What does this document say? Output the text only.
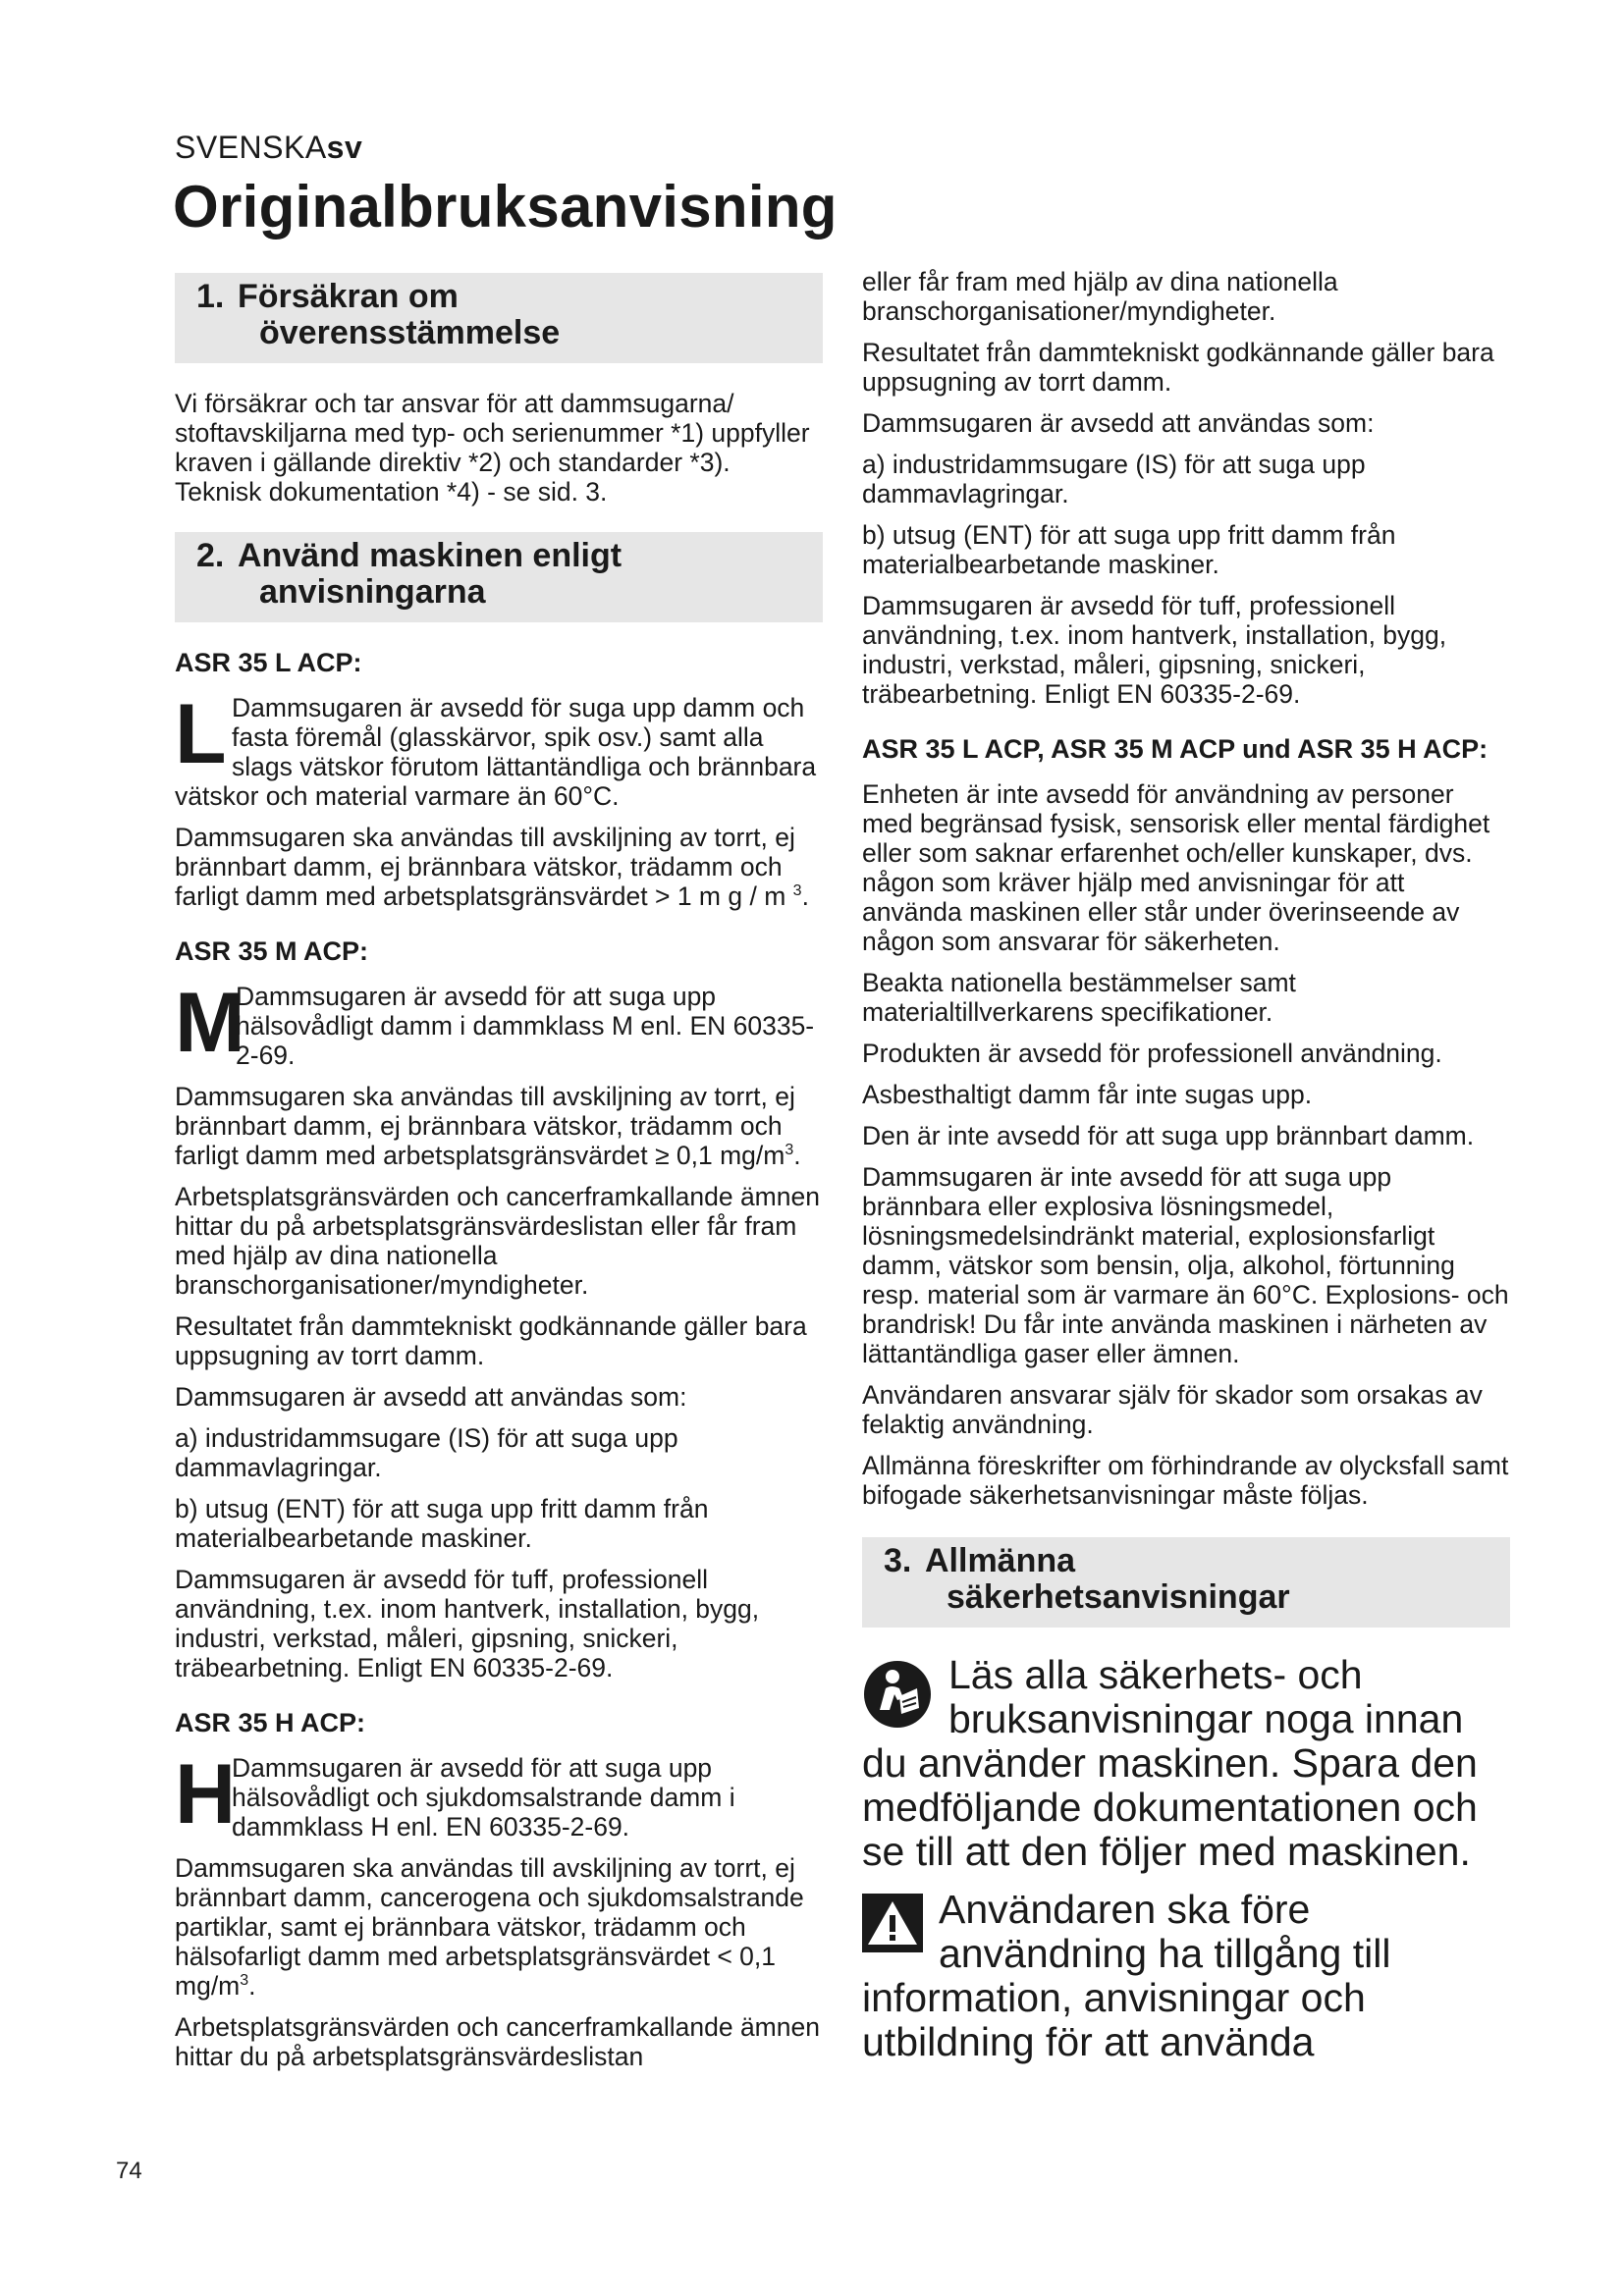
SVENSKAsv
Originalbruksanvisning
1. Försäkran om
överensstämmelse

Vi försäkrar och tar ansvar för att dammsugarna/ stoftavskiljarna med typ- och serienummer *1) uppfyller kraven i gällande direktiv *2) och standarder *3). Teknisk dokumentation *4) - se sid. 3.

2. Använd maskinen enligt
anvisningarna
ASR 35 L ACP:
L Dammsugaren är avsedd för suga upp damm och fasta föremål (glasskärvor, spik osv.) samt alla slags vätskor förutom lättantändliga och brännbara vätskor och material varmare än 60°C.

Dammsugaren ska användas till avskiljning av torrt, ej brännbart damm, ej brännbara vätskor, trädamm och farligt damm med arbetsplatsgränsvärdet > 1 m g / m $^3$.

ASR 35 M ACP:
M

Dammsugaren är avsedd för att suga upp hälsovådligt damm i dammklass M enl. EN 60335-2-69.

Dammsugaren ska användas till avskiljning av torrt, ej brännbart damm, ej brännbara vätskor, trädamm och farligt damm med arbetsplatsgränsvärdet ≥ 0,1 $mg/m^3$.

Arbetsplatsgränsvärden och cancerframkallande ämnen hittar du på arbetsplatsgränsvärdeslistan eller får fram med hjälp av dina nationella branschorganisationer/myndigheter.

Resultatet från dammtekniskt godkännande gäller bara uppsugning av torrt damm.

Dammsugaren är avsedd att användas som:

a) industridammsugare (IS) för att suga upp dammavlagringar.

b) utsug (ENT) för att suga upp fritt damm från materialbearbetande maskiner.

Dammsugaren är avsedd för tuff, professionell användning, t.ex. inom hantverk, installation, bygg, industri, verkstad, måleri, gipsning, snickeri, träbearbetning. Enligt EN 60335-2-69.

ASR 35 H ACP:
H

Dammsugaren är avsedd för att suga upp hälsovådligt och sjukdomsalstrande damm i dammklass H enl. EN 60335-2-69.

Dammsugaren ska användas till avskiljning av torrt, ej brännbart damm, cancerogena och sjukdomsalstrande partiklar, samt ej brännbara vätskor, trädamm och hälsofarligt damm med arbetsplatsgränsvärdet < 0,1 $mg/m^3$.

Arbetsplatsgränsvärden och cancerframkallande ämnen hittar du på arbetsplatsgränsvärdeslistan

eller får fram med hjälp av dina nationella branschorganisationer/myndigheter.

Resultatet från dammtekniskt godkännande gäller bara uppsugning av torrt damm.

Dammsugaren är avsedd att användas som:

a) industridammsugare (IS) för att suga upp dammavlagringar.

b) utsug (ENT) för att suga upp fritt damm från materialbearbetande maskiner.

Dammsugaren är avsedd för tuff, professionell användning, t.ex. inom hantverk, installation, bygg, industri, verkstad, måleri, gipsning, snickeri, träbearbetning. Enligt EN 60335-2-69.

ASR 35 L ACP, ASR 35 M ACP und ASR 35 H ACP:

Enheten är inte avsedd för användning av personer med begränsad fysisk, sensorisk eller mental färdighet eller som saknar erfarenhet och/eller kunskaper, dvs. någon som kräver hjälp med anvisningar för att använda maskinen eller står under överinseende av någon som ansvarar för säkerheten.

Beakta nationella bestämmelser samt materialtillverkarens specifikationer.

Produkten är avsedd för professionell användning.

Asbesthaltigt damm får inte sugas upp.

Den är inte avsedd för att suga upp brännbart damm.

Dammsugaren är inte avsedd för att suga upp brännbara eller explosiva lösningsmedel, lösningsmedelsindränkt material, explosionsfarligt damm, vätskor som bensin, olja, alkohol, förtunning resp. material som är varmare än 60°C. Explosions- och brandrisk! Du får inte använda maskinen i närheten av lättantändliga gaser eller ämnen.

Användaren ansvarar själv för skador som orsakas av felaktig användning.

Allmänna föreskrifter om förhindrande av olycksfall samt bifogade säkerhetsanvisningar måste följas.

3. Allmänna
säkerhetsanvisningar

Läs alla säkerhets- och bruksanvisningar noga innan du använder maskinen. Spara den medföljande dokumentationen och se till att den följer med maskinen.

Användaren ska före användning ha tillgång till information, anvisningar och utbildning för att använda

74
